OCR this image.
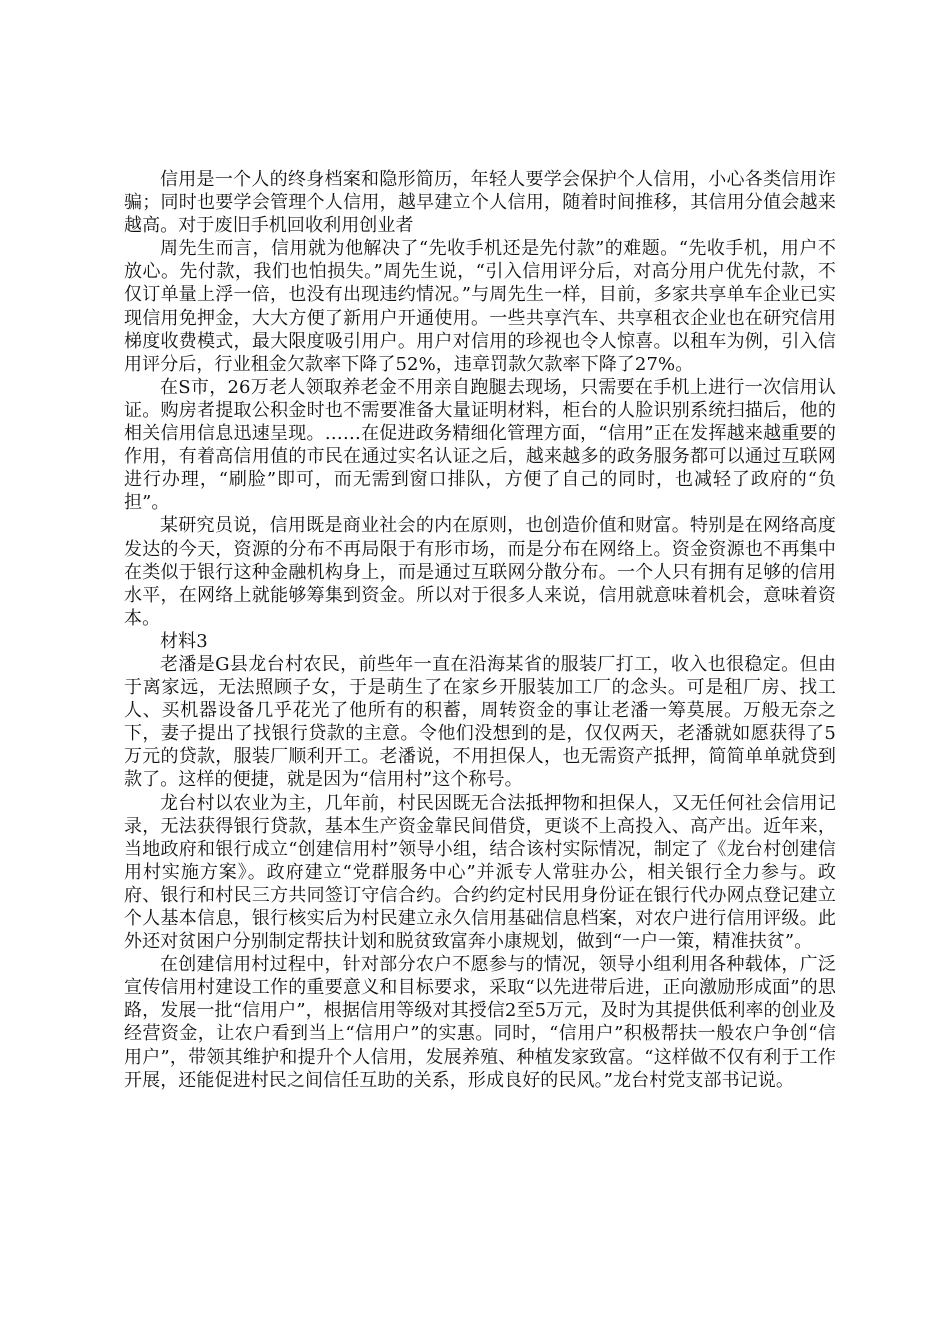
信用是一个人的终身档案和隐形简历，年轻人要学会保护个人信用，小心各类信用诈骗；同时也要学会管理个人信用，越早建立个人信用，随着时间推移，其信用分值会越来越高。对于废旧手机回收利用创业者

周先生而言，信用就为他解决了“先收手机还是先付款”的难题。“先收手机，用户不放心。先付款，我们也怕损失。”周先生说，“引入信用评分后，对高分用户优先付款，不仅订单量上浮一倍，也没有出现违约情况。”与周先生一样，目前，多家共享单车企业已实现信用免押金，大大方便了新用户开通使用。一些共享汽车、共享租衣企业也在研究信用梯度收费模式，最大限度吸引用户。用户对信用的珍视也令人惊喜。以租车为例，引入信用评分后，行业租金欠款率下降了52%，违章罚款欠款率下降了27%。

在S市，26万老人领取养老金不用亲自跑腿去现场，只需要在手机上进行一次信用认证。购房者提取公积金时也不需要准备大量证明材料，柜台的人脸识别系统扫描后，他的相关信用信息迅速呈现。……在促进政务精细化管理方面，“信用”正在发挥越来越重要的作用，有着高信用值的市民在通过实名认证之后，越来越多的政务服务都可以通过互联网进行办理，“刷脸”即可，而无需到窗口排队，方便了自己的同时，也减轻了政府的“负担”。

某研究员说，信用既是商业社会的内在原则，也创造价值和财富。特别是在网络高度发达的今天，资源的分布不再局限于有形市场，而是分布在网络上。资金资源也不再集中在类似于银行这种金融机构身上，而是通过互联网分散分布。一个人只有拥有足够的信用水平，在网络上就能够筹集到资金。所以对于很多人来说，信用就意味着机会，意味着资本。

材料3

老潘是G县龙台村农民，前些年一直在沿海某省的服装厂打工，收入也很稳定。但由于离家远，无法照顾子女，于是萌生了在家乡开服装加工厂的念头。可是租厂房、找工人、买机器设备几乎花光了他所有的积蓄，周转资金的事让老潘一筹莫展。万般无奈之下，妻子提出了找银行贷款的主意。令他们没想到的是，仅仅两天，老潘就如愿获得了5万元的贷款，服装厂顺利开工。老潘说，不用担保人，也无需资产抵押，简简单单就贷到款了。这样的便捷，就是因为“信用村”这个称号。

龙台村以农业为主，几年前，村民因既无合法抵押物和担保人，又无任何社会信用记录，无法获得银行贷款，基本生产资金靠民间借贷，更谈不上高投入、高产出。近年来，当地政府和银行成立“创建信用村”领导小组，结合该村实际情况，制定了《龙台村创建信用村实施方案》。政府建立“党群服务中心”并派专人常驻办公，相关银行全力参与。政府、银行和村民三方共同签订守信合约。合约约定村民用身份证在银行代办网点登记建立个人基本信息，银行核实后为村民建立永久信用基础信息档案，对农户进行信用评级。此外还对贫困户分别制定帮扶计划和脱贫致富奔小康规划，做到“一户一策，精准扶贫”。

在创建信用村过程中，针对部分农户不愿参与的情况，领导小组利用各种载体，广泛宣传信用村建设工作的重要意义和目标要求，采取“以先进带后进，正向激励形成面”的思路，发展一批“信用户”，根据信用等级对其授信2至5万元，及时为其提供低利率的创业及经营资金，让农户看到当上“信用户”的实惠。同时，“信用户”积极帮扶一般农户争创“信用户”，带领其维护和提升个人信用，发展养殖、种植发家致富。“这样做不仅有利于工作开展，还能促进村民之间信任互助的关系，形成良好的民风。”龙台村党支部书记说。
